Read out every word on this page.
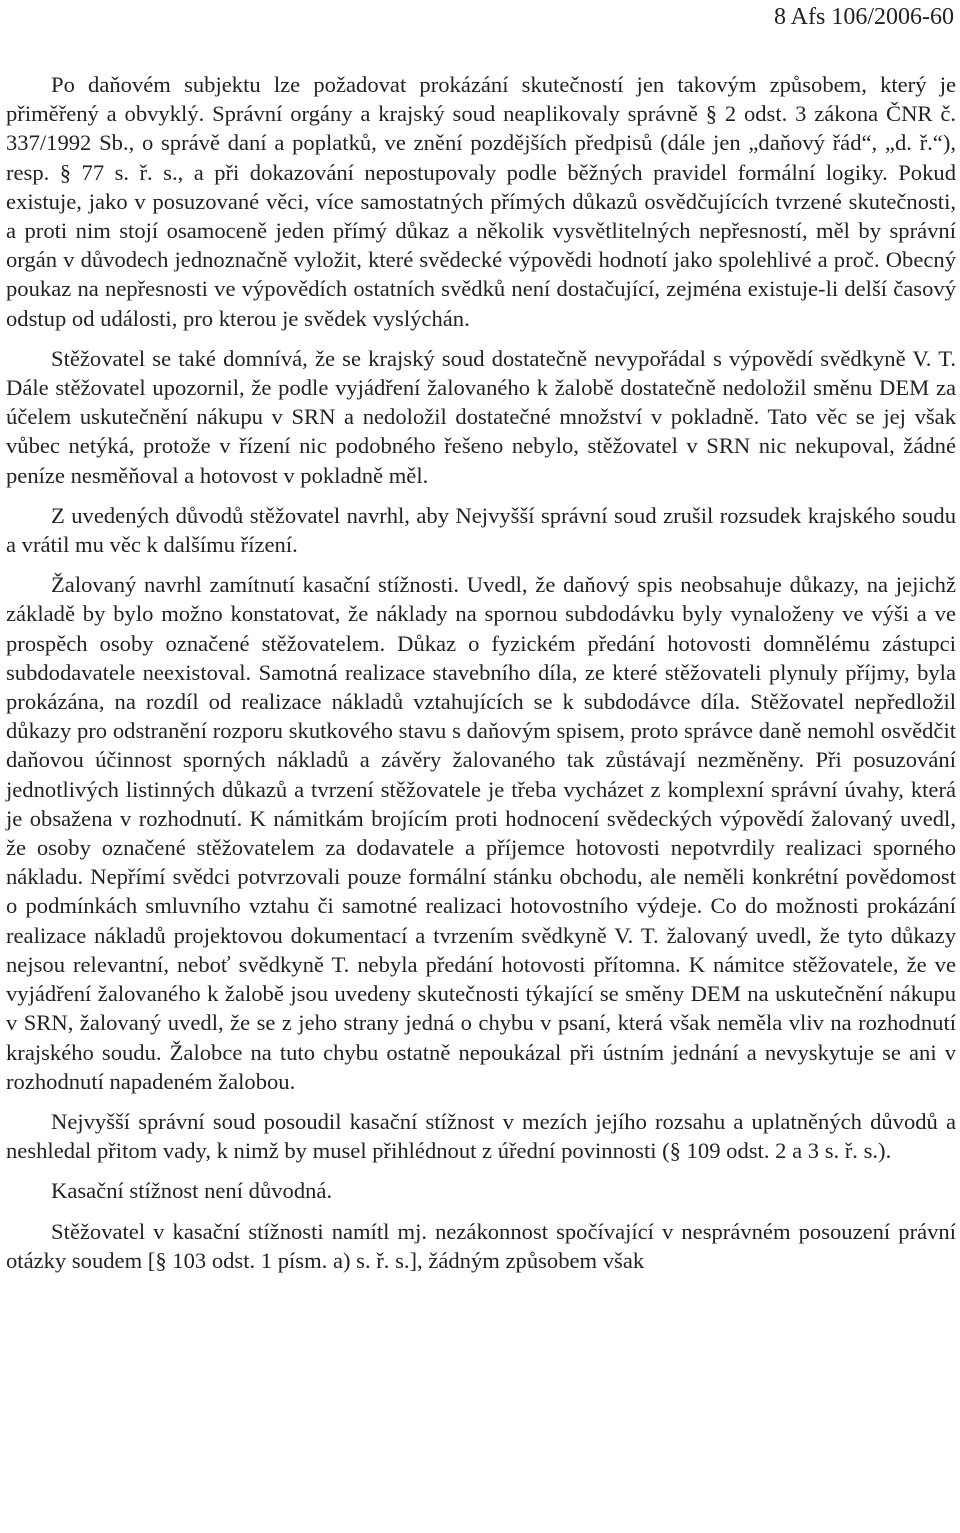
8 Afs 106/2006-60

Po daňovém subjektu lze požadovat prokázání skutečností jen takovým způsobem, který je přiměřený a obvyklý. Správní orgány a krajský soud neaplikovaly správně § 2 odst. 3 zákona ČNR č. 337/1992 Sb., o správě daní a poplatků, ve znění pozdějších předpisů (dále jen „daňový řád“, „d. ř.“), resp. § 77 s. ř. s., a při dokazování nepostupovaly podle běžných pravidel formální logiky. Pokud existuje, jako v posuzované věci, více samostatných přímých důkazů osvědčujících tvrzené skutečnosti, a proti nim stojí osamoceně jeden přímý důkaz a několik vysvětlitelných nepřesností, měl by správní orgán v důvodech jednoznačně vyložit, které svědecké výpovědi hodnotí jako spolehlivé a proč. Obecný poukaz na nepřesnosti ve výpovědích ostatních svědků není dostačující, zejména existuje-li delší časový odstup od události, pro kterou je svědek vyslýchán.

Stěžovatel se také domnívá, že se krajský soud dostatečně nevypořádal s výpovědí svědkyně V. T. Dále stěžovatel upozornil, že podle vyjádření žalovaného k žalobě dostatečně nedoložil směnu DEM za účelem uskutečnění nákupu v SRN a nedoložil dostatečné množství v pokladně. Tato věc se jej však vůbec netýká, protože v řízení nic podobného řešeno nebylo, stěžovatel v SRN nic nekupoval, žádné peníze nesměňoval a hotovost v pokladně měl.

Z uvedených důvodů stěžovatel navrhl, aby Nejvyšší správní soud zrušil rozsudek krajského soudu a vrátil mu věc k dalšímu řízení.

Žalovaný navrhl zamítnutí kasační stížnosti. Uvedl, že daňový spis neobsahuje důkazy, na jejichž základě by bylo možno konstatovat, že náklady na spornou subdodávku byly vynaloženy ve výši a ve prospěch osoby označené stěžovatelem. Důkaz o fyzickém předání hotovosti domnělému zástupci subdodavatele neexistoval. Samotná realizace stavebního díla, ze které stěžovateli plynuly příjmy, byla prokázána, na rozdíl od realizace nákladů vztahujících se k subdodávce díla. Stěžovatel nepředložil důkazy pro odstranění rozporu skutkového stavu s daňovým spisem, proto správce daně nemohl osvědčit daňovou účinnost sporných nákladů a závěry žalovaného tak zůstávají nezměněny. Při posuzování jednotlivých listinných důkazů a tvrzení stěžovatele je třeba vycházet z komplexní správní úvahy, která je obsažena v rozhodnutí. K námitkám brojícím proti hodnocení svědeckých výpovědí žalovaný uvedl, že osoby označené stěžovatelem za dodavatele a příjemce hotovosti nepotvrdily realizaci sporného nákladu. Nepřímí svědci potvrzovali pouze formální stánku obchodu, ale neměli konkrétní povědomost o podmínkách smluvního vztahu či samotné realizaci hotovostního výdeje. Co do možnosti prokázání realizace nákladů projektovou dokumentací a tvrzením svědkyně V. T. žalovaný uvedl, že tyto důkazy nejsou relevantní, neboť svědkyně T. nebyla předání hotovosti přítomna. K námitce stěžovatele, že ve vyjádření žalovaného k žalobě jsou uvedeny skutečnosti týkající se směny DEM na uskutečnění nákupu v SRN, žalovaný uvedl, že se z jeho strany jedná o chybu v psaní, která však neměla vliv na rozhodnutí krajského soudu. Žalobce na tuto chybu ostatně nepoukázal při ústním jednání a nevyskytuje se ani v rozhodnutí napadeném žalobou.

Nejvyšší správní soud posoudil kasační stížnost v mezích jejího rozsahu a uplatněných důvodů a neshledal přitom vady, k nimž by musel přihlédnout z úřední povinnosti (§ 109 odst. 2 a 3 s. ř. s.).

Kasační stížnost není důvodná.

Stěžovatel v kasační stížnosti namítl mj. nezákonnost spočívající v nesprávném posouzení právní otázky soudem [§ 103 odst. 1 písm. a) s. ř. s.], žádným způsobem však
